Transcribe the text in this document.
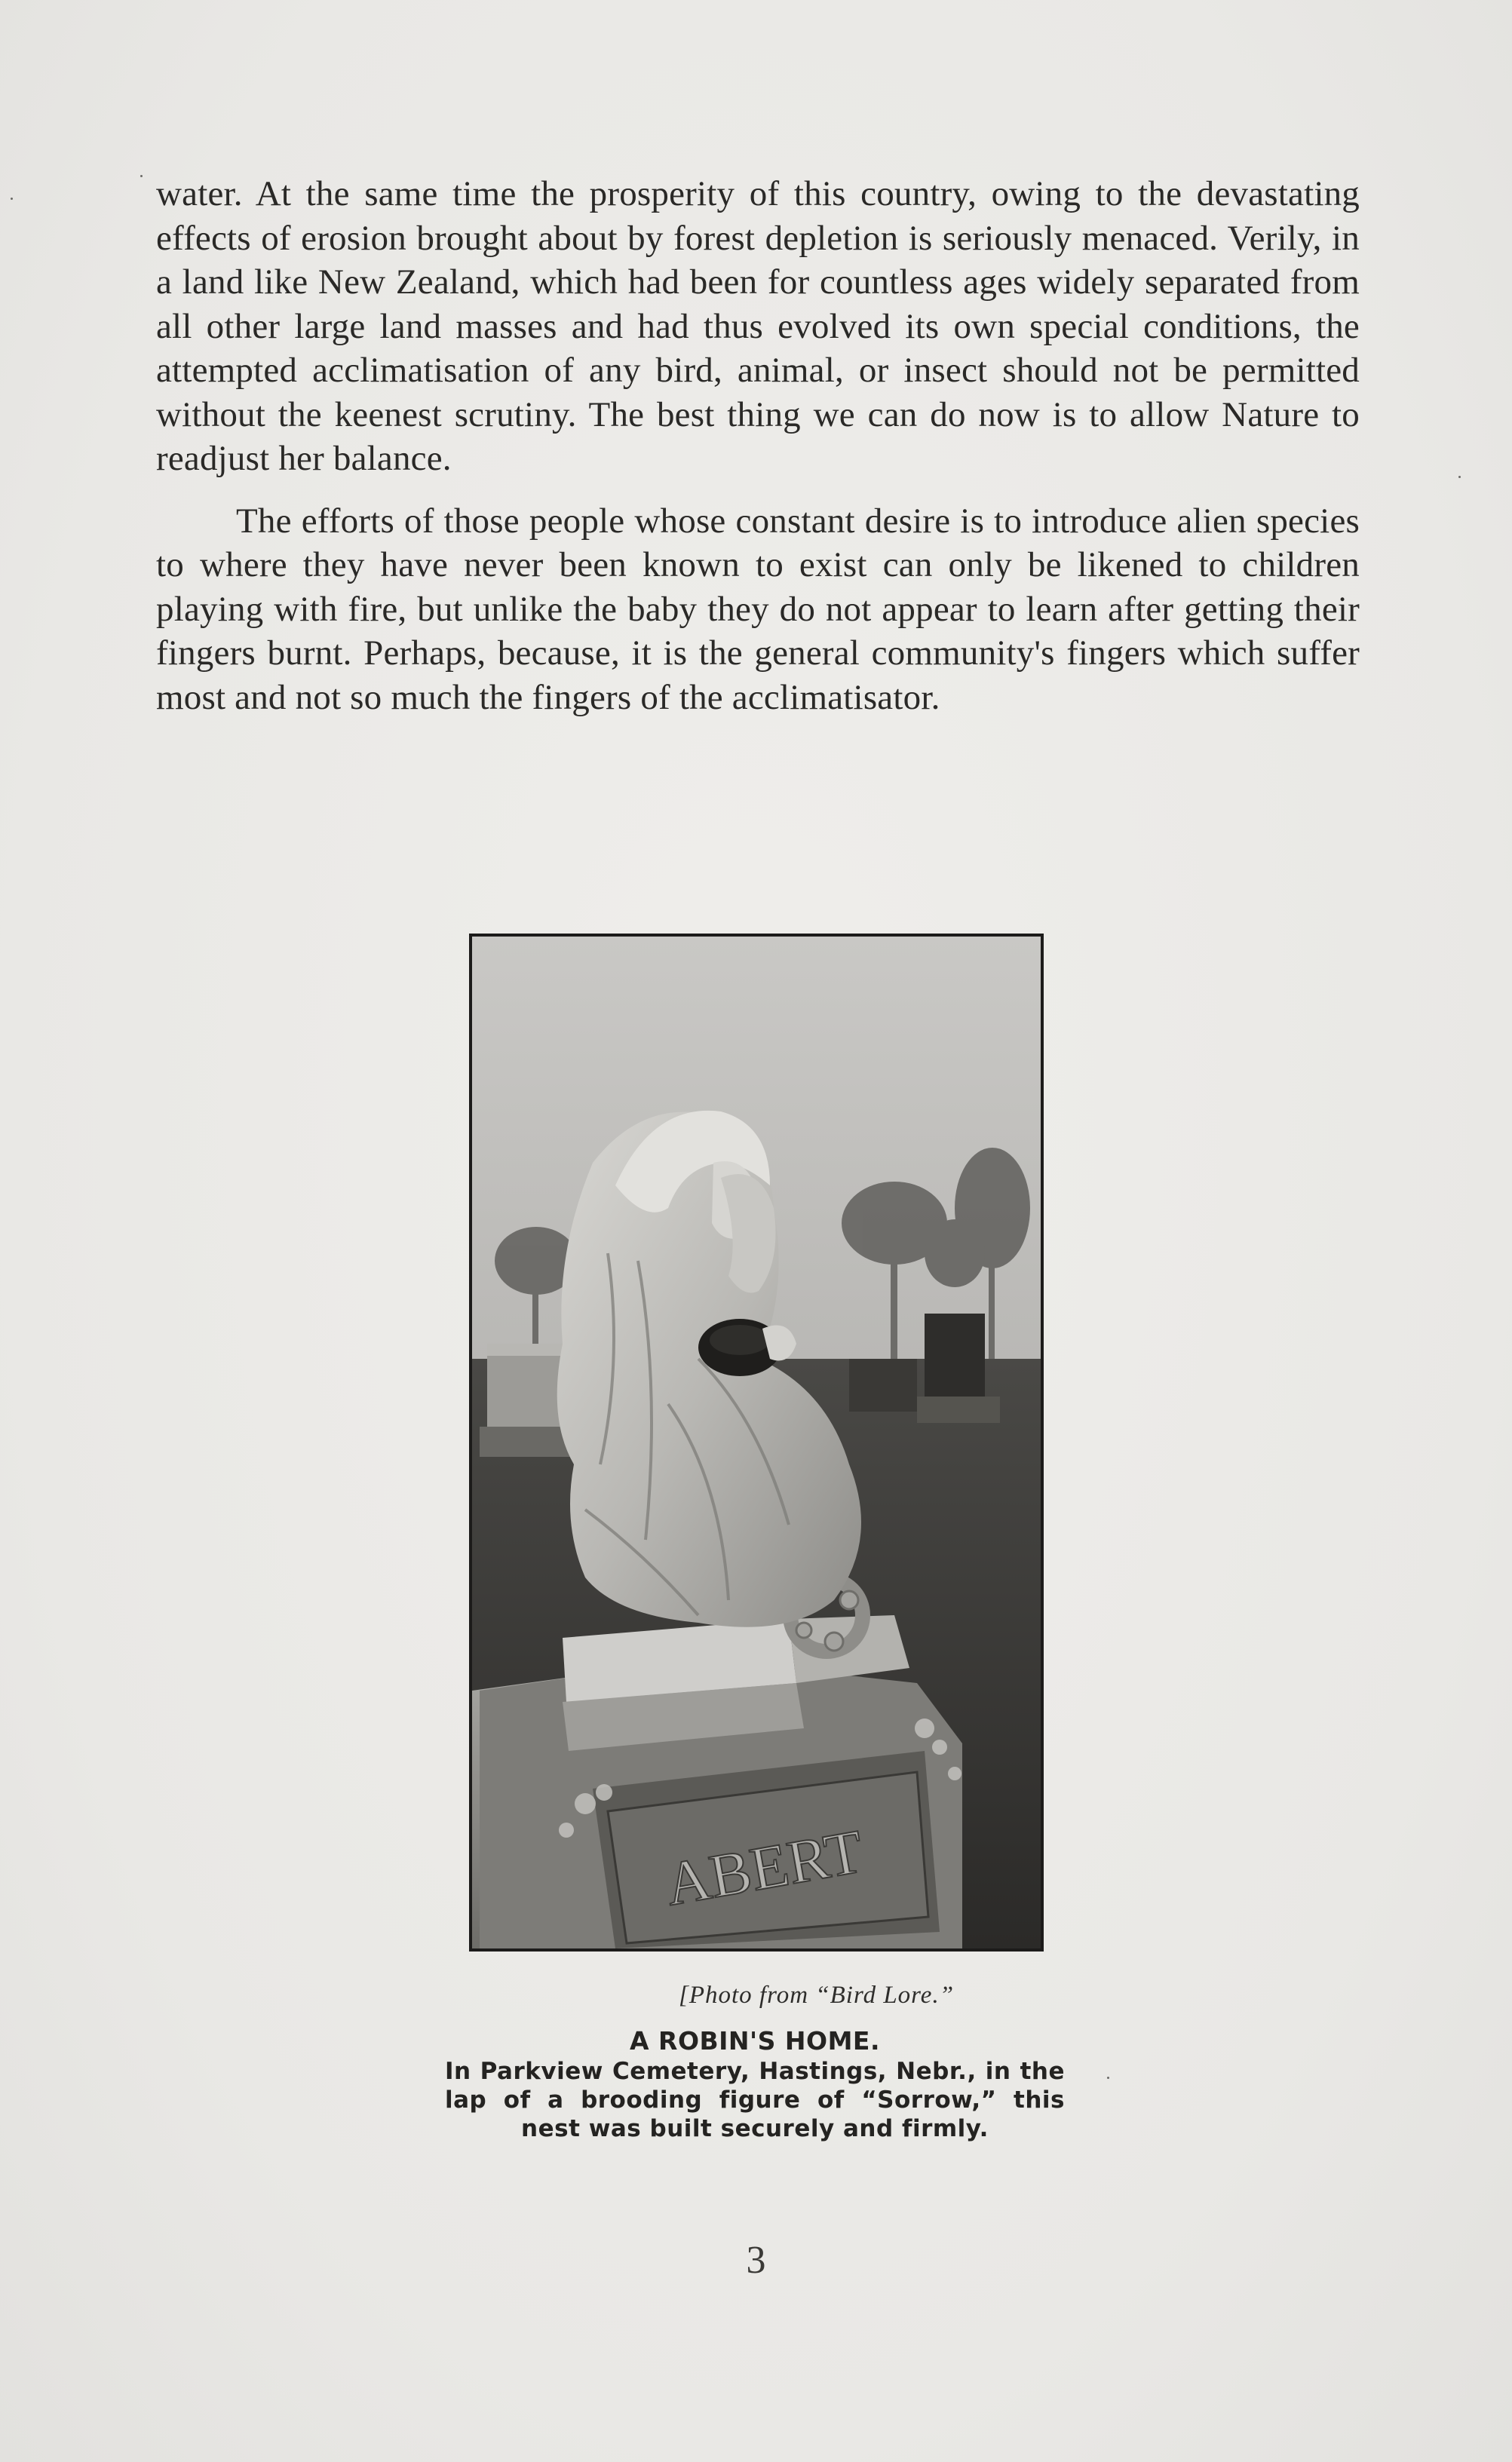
water. At the same time the prosperity of this country, owing to the devastating effects of erosion brought about by forest depletion is seriously menaced. Verily, in a land like New Zealand, which had been for countless ages widely separated from all other large land masses and had thus evolved its own special conditions, the attempted acclimatisation of any bird, animal, or insect should not be permitted without the keenest scrutiny. The best thing we can do now is to allow Nature to readjust her balance.

The efforts of those people whose constant desire is to introduce alien species to where they have never been known to exist can only be likened to children playing with fire, but unlike the baby they do not appear to learn after getting their fingers burnt. Perhaps, because, it is the general community's fingers which suffer most and not so much the fingers of the acclimatisator.

ABERT
[Photo from “Bird Lore.”
A ROBIN'S HOME.
In Parkview Cemetery, Hastings, Nebr., in the lap of a brooding figure of “Sorrow,” this nest was built securely and firmly.
3
